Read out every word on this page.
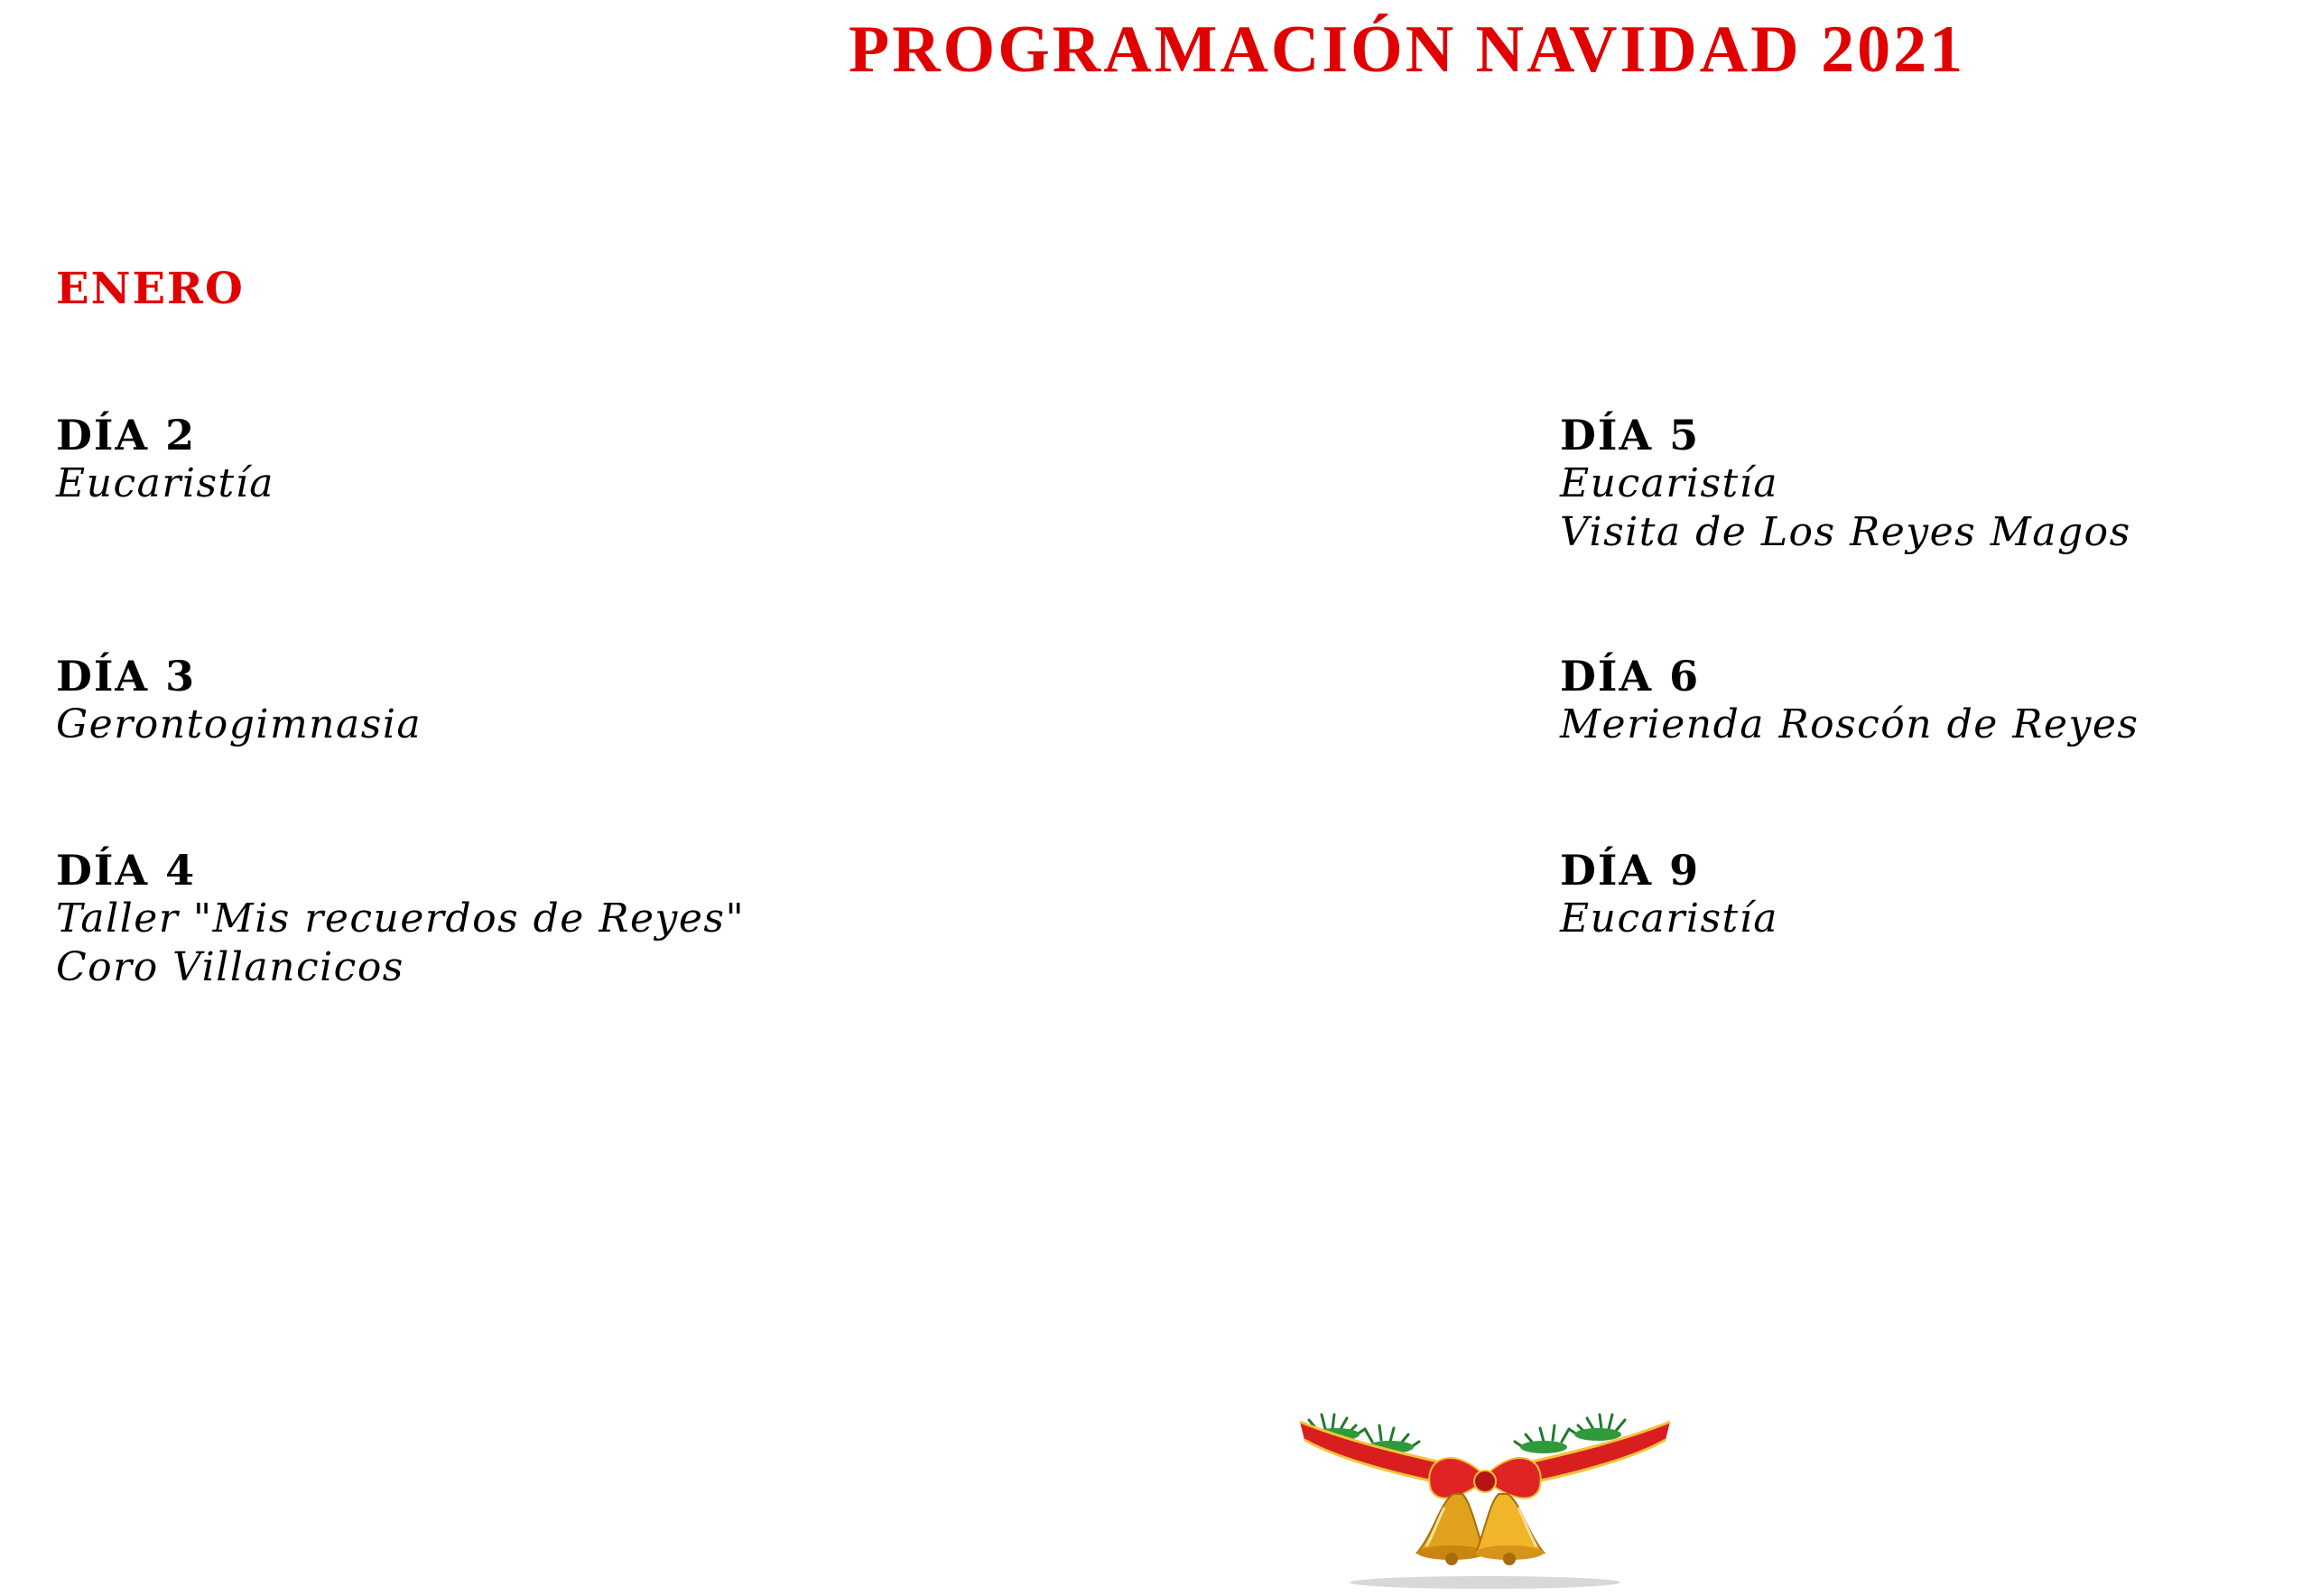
PROGRAMACIÓN NAVIDAD 2021
ENERO
DÍA 2
Eucaristía
DÍA 3
Gerontogimnasia
DÍA 4
Taller "Mis recuerdos de Reyes"
Coro Villancicos
DÍA 5
Eucaristía
Visita de Los Reyes Magos
DÍA 6
Merienda Roscón de Reyes
DÍA 9
Eucaristía
